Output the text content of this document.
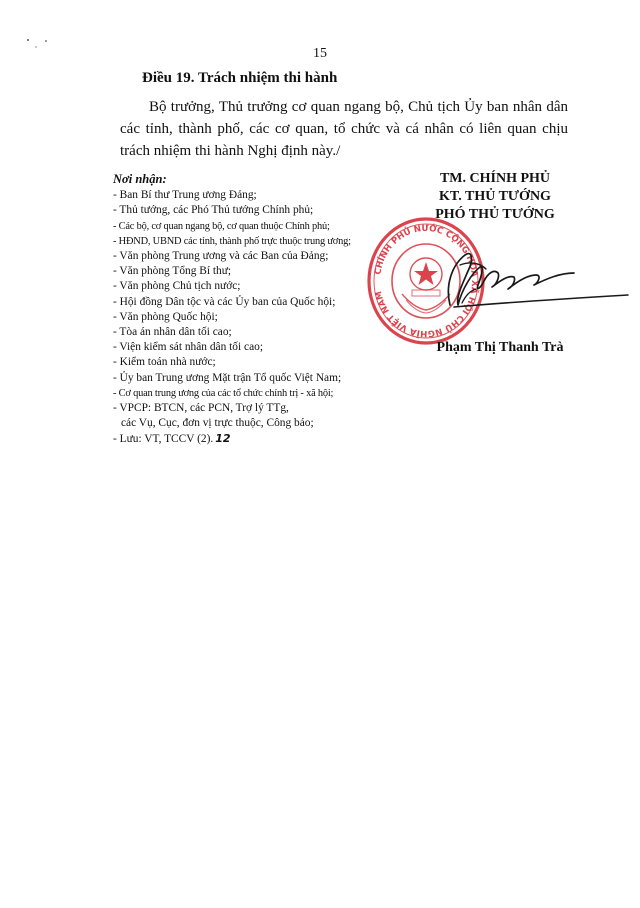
15
Điều 19. Trách nhiệm thi hành
Bộ trưởng, Thủ trưởng cơ quan ngang bộ, Chủ tịch Ủy ban nhân dân các tỉnh, thành phố, các cơ quan, tổ chức và cá nhân có liên quan chịu trách nhiệm thi hành Nghị định này./
Nơi nhận:
- Ban Bí thư Trung ương Đảng;
- Thủ tướng, các Phó Thủ tướng Chính phủ;
- Các bộ, cơ quan ngang bộ, cơ quan thuộc Chính phủ;
- HĐND, UBND các tỉnh, thành phố trực thuộc trung ương;
- Văn phòng Trung ương và các Ban của Đảng;
- Văn phòng Tổng Bí thư;
- Văn phòng Chủ tịch nước;
- Hội đồng Dân tộc và các Ủy ban của Quốc hội;
- Văn phòng Quốc hội;
- Tòa án nhân dân tối cao;
- Viện kiểm sát nhân dân tối cao;
- Kiểm toán nhà nước;
- Ủy ban Trung ương Mặt trận Tổ quốc Việt Nam;
- Cơ quan trung ương của các tổ chức chính trị - xã hội;
- VPCP: BTCN, các PCN, Trợ lý TTg,
các Vụ, Cục, đơn vị trực thuộc, Công báo;
- Lưu: VT, TCCV (2). 12
TM. CHÍNH PHỦ
KT. THỦ TƯỚNG
PHÓ THỦ TƯỚNG
CHÍNH PHỦ NƯỚC CỘNG HÒA XÃ HỘI CHỦ NGHĨA VIỆT NAM
Phạm Thị Thanh Trà
